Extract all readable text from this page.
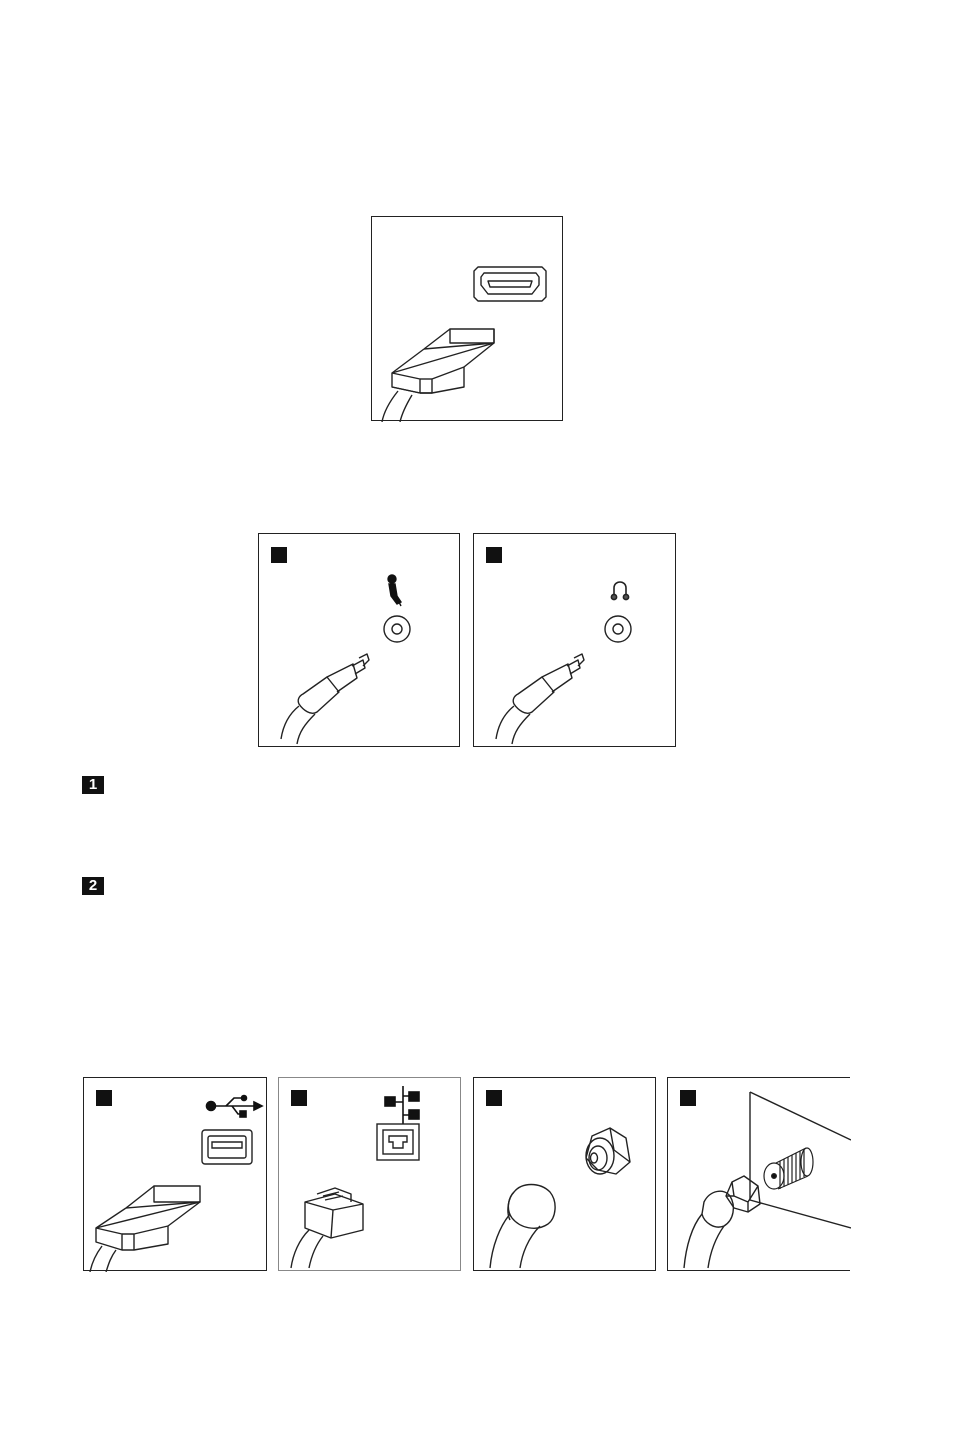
1
2
